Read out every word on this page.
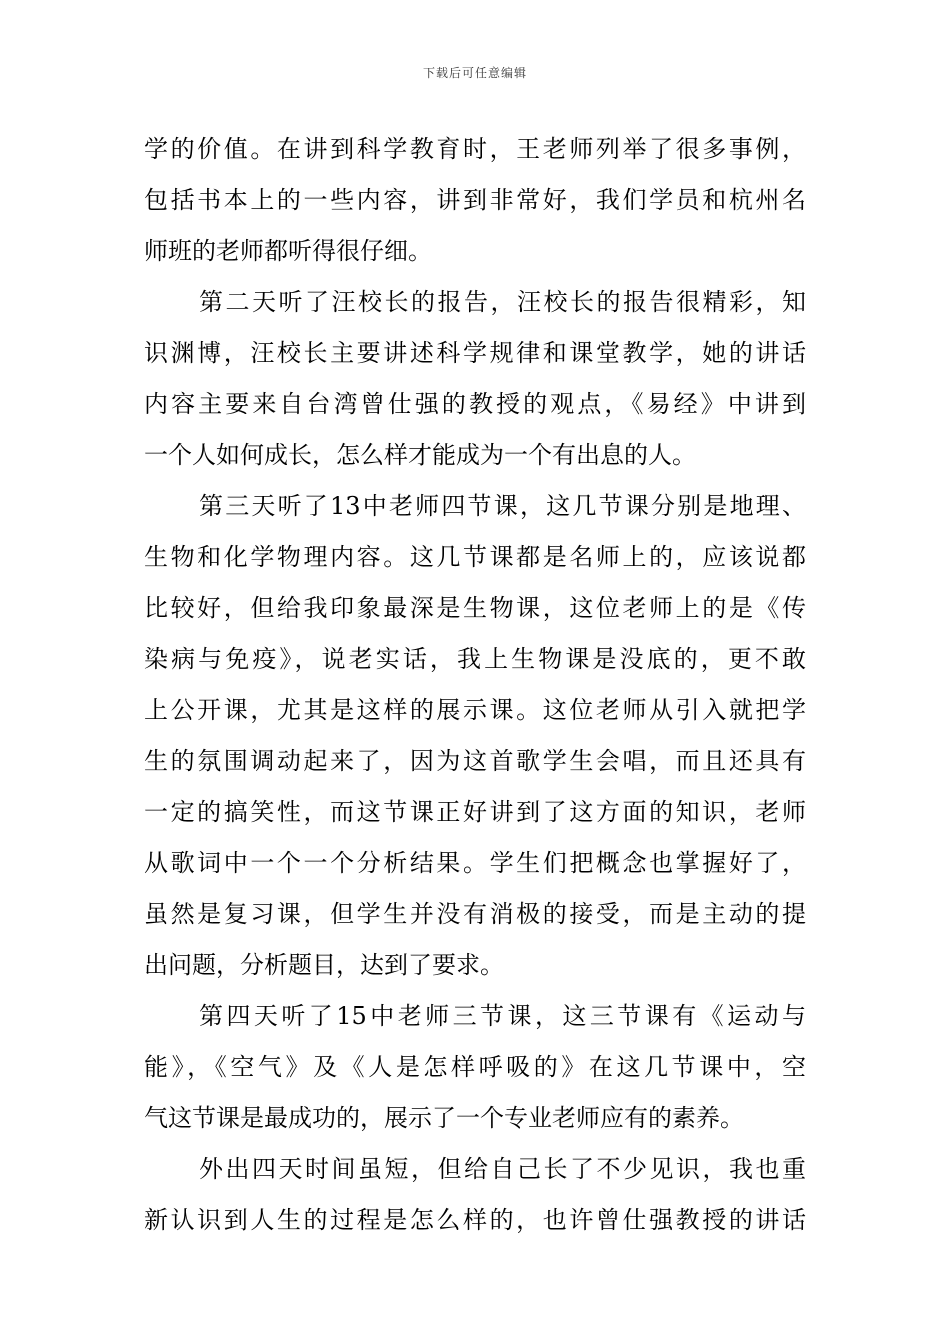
下载后可任意编辑
学的价值。在讲到科学教育时，王老师列举了很多事例，
包括书本上的一些内容，讲到非常好，我们学员和杭州名
师班的老师都听得很仔细。
第二天听了汪校长的报告，汪校长的报告很精彩，知
识渊博，汪校长主要讲述科学规律和课堂教学，她的讲话
内容主要来自台湾曾仕强的教授的观点，《易经》中讲到
一个人如何成长，怎么样才能成为一个有出息的人。
第三天听了13中老师四节课，这几节课分别是地理、
生物和化学物理内容。这几节课都是名师上的，应该说都
比较好，但给我印象最深是生物课，这位老师上的是《传
染病与免疫》，说老实话，我上生物课是没底的，更不敢
上公开课，尤其是这样的展示课。这位老师从引入就把学
生的氛围调动起来了，因为这首歌学生会唱，而且还具有
一定的搞笑性，而这节课正好讲到了这方面的知识，老师
从歌词中一个一个分析结果。学生们把概念也掌握好了，
虽然是复习课，但学生并没有消极的接受，而是主动的提
出问题，分析题目，达到了要求。
第四天听了15中老师三节课，这三节课有《运动与
能》，《空气》及《人是怎样呼吸的》在这几节课中，空
气这节课是最成功的，展示了一个专业老师应有的素养。
外出四天时间虽短，但给自己长了不少见识，我也重
新认识到人生的过程是怎么样的，也许曾仕强教授的讲话
